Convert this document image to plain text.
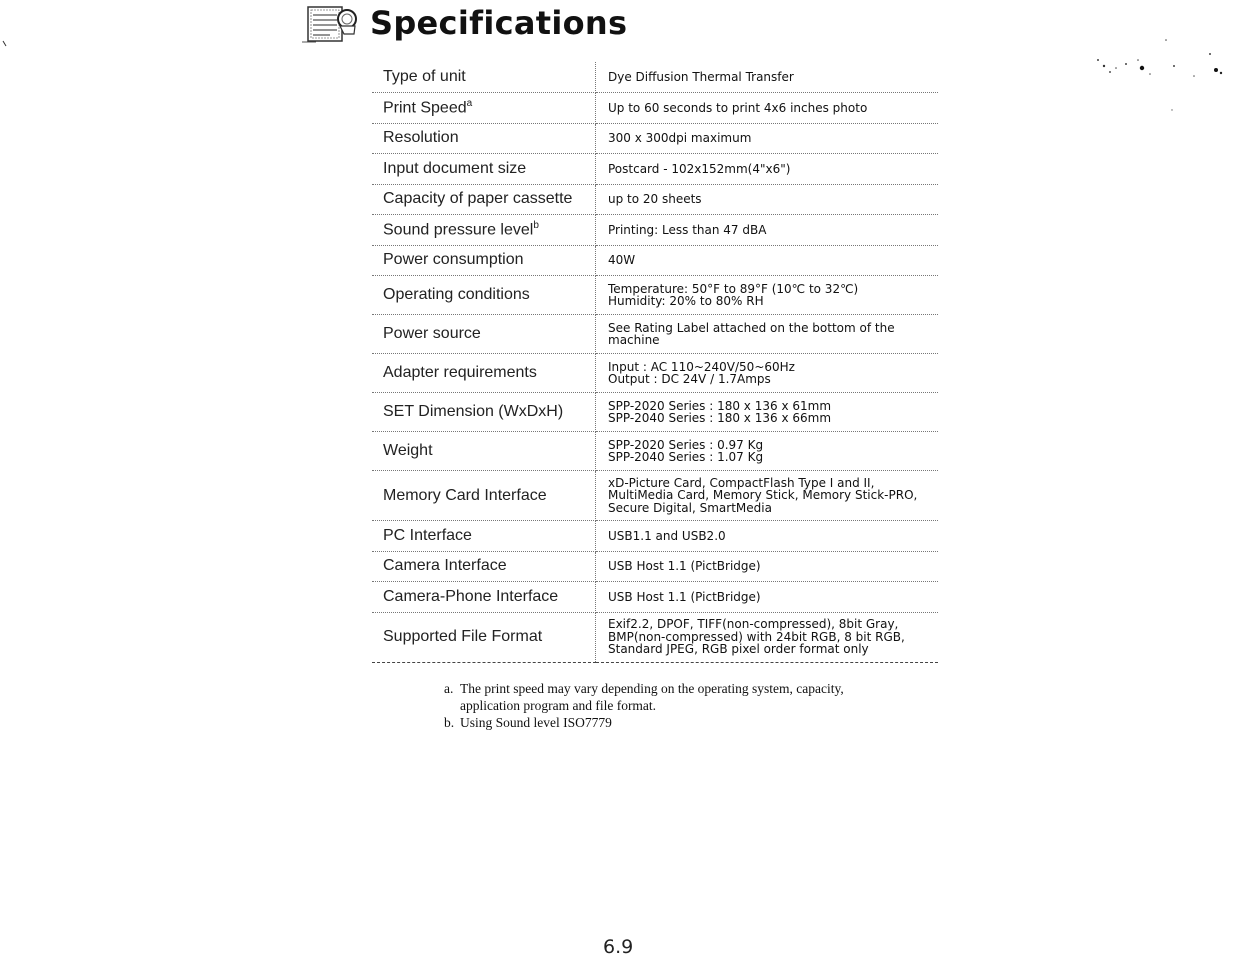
Specifications
Type of unit	Dye Diffusion Thermal Transfer

Print Speed$^a$	Up to 60 seconds to print 4x6 inches photo

Resolution	300 x 300dpi maximum

Input document size	Postcard - 102x152mm(4"x6")

Capacity of paper cassette	up to 20 sheets

Sound pressure level$^b$	Printing: Less than 47 dBA

Power consumption	40W

Operating conditions	Temperature: 50°F to 89°F (10℃ to 32℃)
Humidity: 20% to 80% RH

Power source	See Rating Label attached on the bottom of the
machine

Adapter requirements	Input : AC 110~240V/50~60Hz
Output : DC 24V / 1.7Amps

SET Dimension (WxDxH)	SPP-2020 Series : 180 x 136 x 61mm
SPP-2040 Series : 180 x 136 x 66mm

Weight	SPP-2020 Series : 0.97 Kg
SPP-2040 Series : 1.07 Kg

Memory Card Interface	xD-Picture Card, CompactFlash Type I and II,
MultiMedia Card, Memory Stick, Memory Stick-PRO,
Secure Digital, SmartMedia

PC Interface	USB1.1 and USB2.0

Camera Interface	USB Host 1.1 (PictBridge)

Camera-Phone Interface	USB Host 1.1 (PictBridge)

Supported File Format	Exif2.2, DPOF, TIFF(non-compressed), 8bit Gray,
BMP(non-compressed) with 24bit RGB, 8 bit RGB,
Standard JPEG, RGB pixel order format only
a. The print speed may vary depending on the operating system, capacity,
application program and file format.
b. Using Sound level ISO7779
6.9
